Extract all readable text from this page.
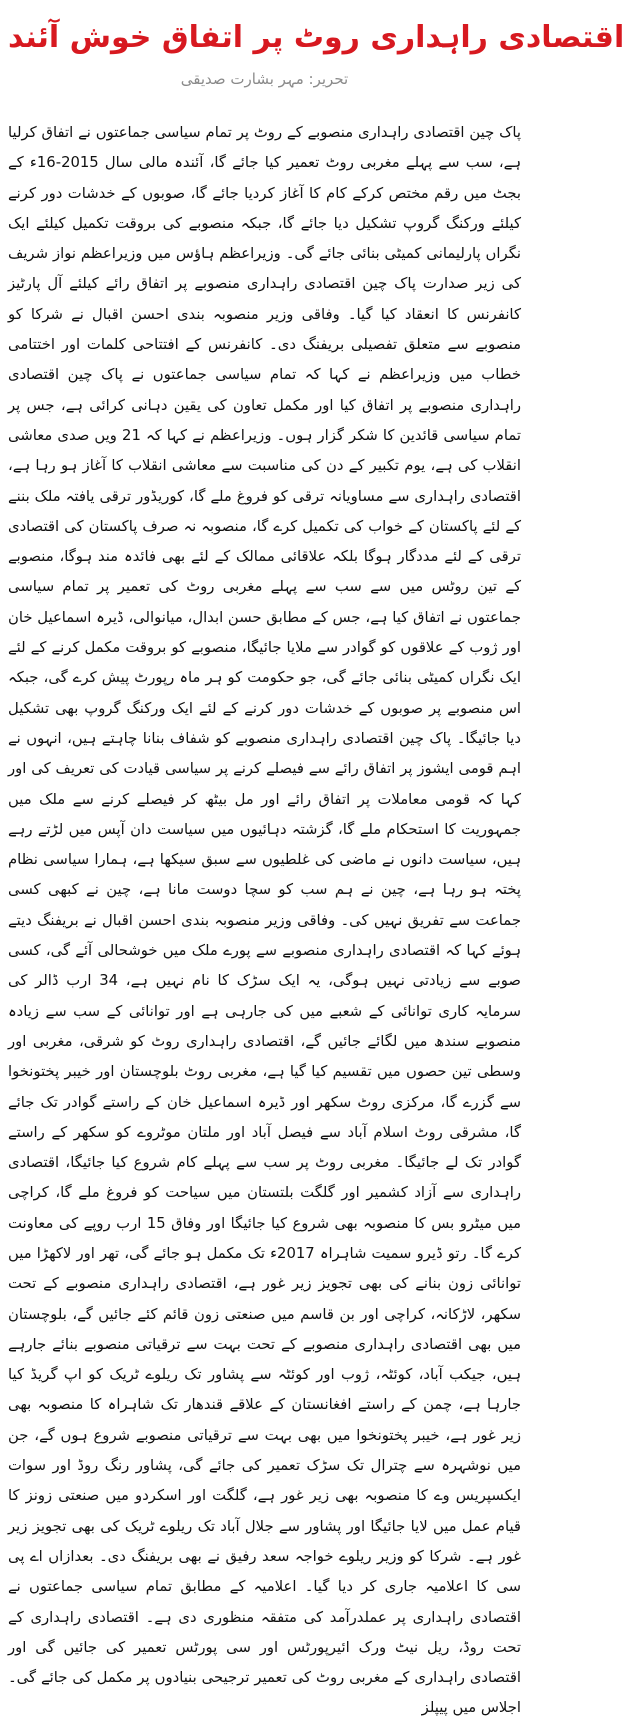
اقتصادی راہداری روٹ پر اتفاق خوش آئند
تحریر: مہر بشارت صدیقی
پاک چین اقتصادی راہداری منصوبے کے روٹ پر تمام سیاسی جماعتوں نے اتفاق کرلیا ہے، سب سے پہلے مغربی روٹ تعمیر کیا جائے گا، آئندہ مالی سال 2015-16ء کے بجٹ میں رقم مختص کرکے کام کا آغاز کردیا جائے گا، صوبوں کے خدشات دور کرنے کیلئے ورکنگ گروپ تشکیل دیا جائے گا، جبکہ منصوبے کی بروقت تکمیل کیلئے ایک نگراں پارلیمانی کمیٹی بنائی جائے گی۔ وزیراعظم ہاؤس میں وزیراعظم نواز شریف کی زیر صدارت پاک چین اقتصادی راہداری منصوبے پر اتفاق رائے کیلئے آل پارٹیز کانفرنس کا انعقاد کیا گیا۔ وفاقی وزیر منصوبہ بندی احسن اقبال نے شرکا کو منصوبے سے متعلق تفصیلی بریفنگ دی۔ کانفرنس کے افتتاحی کلمات اور اختتامی خطاب میں وزیراعظم نے کہا کہ تمام سیاسی جماعتوں نے پاک چین اقتصادی راہداری منصوبے پر اتفاق کیا اور مکمل تعاون کی یقین دہانی کرائی ہے، جس پر تمام سیاسی قائدین کا شکر گزار ہوں۔ وزیراعظم نے کہا کہ 21 ویں صدی معاشی انقلاب کی ہے، یوم تکبیر کے دن کی مناسبت سے معاشی انقلاب کا آغاز ہو رہا ہے، اقتصادی راہداری سے مساویانہ ترقی کو فروغ ملے گا، کوریڈور ترقی یافتہ ملک بننے کے لئے پاکستان کے خواب کی تکمیل کرے گا، منصوبہ نہ صرف پاکستان کی اقتصادی ترقی کے لئے مددگار ہوگا بلکہ علاقائی ممالک کے لئے بھی فائدہ مند ہوگا، منصوبے کے تین روٹس میں سے سب سے پہلے مغربی روٹ کی تعمیر پر تمام سیاسی جماعتوں نے اتفاق کیا ہے، جس کے مطابق حسن ابدال، میانوالی، ڈیرہ اسماعیل خان اور ژوب کے علاقوں کو گوادر سے ملایا جائیگا، منصوبے کو بروقت مکمل کرنے کے لئے ایک نگراں کمیٹی بنائی جائے گی، جو حکومت کو ہر ماہ رپورٹ پیش کرے گی، جبکہ اس منصوبے پر صوبوں کے خدشات دور کرنے کے لئے ایک ورکنگ گروپ بھی تشکیل دیا جائیگا۔ پاک چین اقتصادی راہداری منصوبے کو شفاف بنانا چاہتے ہیں، انہوں نے اہم قومی ایشوز پر اتفاق رائے سے فیصلے کرنے پر سیاسی قیادت کی تعریف کی اور کہا کہ قومی معاملات پر اتفاق رائے اور مل بیٹھ کر فیصلے کرنے سے ملک میں جمہوریت کا استحکام ملے گا، گزشتہ دہائیوں میں سیاست دان آپس میں لڑتے رہے ہیں، سیاست دانوں نے ماضی کی غلطیوں سے سبق سیکھا ہے، ہمارا سیاسی نظام پختہ ہو رہا ہے، چین نے ہم سب کو سچا دوست مانا ہے، چین نے کبھی کسی جماعت سے تفریق نہیں کی۔ وفاقی وزیر منصوبہ بندی احسن اقبال نے بریفنگ دیتے ہوئے کہا کہ اقتصادی راہداری منصوبے سے پورے ملک میں خوشحالی آئے گی، کسی صوبے سے زیادتی نہیں ہوگی، یہ ایک سڑک کا نام نہیں ہے، 34 ارب ڈالر کی سرمایہ کاری توانائی کے شعبے میں کی جارہی ہے اور توانائی کے سب سے زیادہ منصوبے سندھ میں لگائے جائیں گے، اقتصادی راہداری روٹ کو شرقی، مغربی اور وسطی تین حصوں میں تقسیم کیا گیا ہے، مغربی روٹ بلوچستان اور خیبر پختونخوا سے گزرے گا، مرکزی روٹ سکھر اور ڈیرہ اسماعیل خان کے راستے گوادر تک جائے گا، مشرقی روٹ اسلام آباد سے فیصل آباد اور ملتان موٹروے کو سکھر کے راستے گوادر تک لے جائیگا۔ مغربی روٹ پر سب سے پہلے کام شروع کیا جائیگا، اقتصادی راہداری سے آزاد کشمیر اور گلگت بلتستان میں سیاحت کو فروغ ملے گا، کراچی میں میٹرو بس کا منصوبہ بھی شروع کیا جائیگا اور وفاق 15 ارب روپے کی معاونت کرے گا۔ رتو ڈیرو سمیت شاہراہ 2017ء تک مکمل ہو جائے گی، تھر اور لاکھڑا میں توانائی زون بنانے کی بھی تجویز زیر غور ہے، اقتصادی راہداری منصوبے کے تحت سکھر، لاڑکانہ، کراچی اور بن قاسم میں صنعتی زون قائم کئے جائیں گے، بلوچستان میں بھی اقتصادی راہداری منصوبے کے تحت بہت سے ترقیاتی منصوبے بنائے جارہے ہیں، جیکب آباد، کوئٹہ، ژوب اور کوئٹہ سے پشاور تک ریلوے ٹریک کو اپ گریڈ کیا جارہا ہے، چمن کے راستے افغانستان کے علاقے قندھار تک شاہراہ کا منصوبہ بھی زیر غور ہے، خیبر پختونخوا میں بھی بہت سے ترقیاتی منصوبے شروع ہوں گے، جن میں نوشہرہ سے چترال تک سڑک تعمیر کی جائے گی، پشاور رنگ روڈ اور سوات ایکسپریس وے کا منصوبہ بھی زیر غور ہے، گلگت اور اسکردو میں صنعتی زونز کا قیام عمل میں لایا جائیگا اور پشاور سے جلال آباد تک ریلوے ٹریک کی بھی تجویز زیر غور ہے۔ شرکا کو وزیر ریلوے خواجہ سعد رفیق نے بھی بریفنگ دی۔ بعدازاں اے پی سی کا اعلامیہ جاری کر دیا گیا۔ اعلامیہ کے مطابق تمام سیاسی جماعتوں نے اقتصادی راہداری پر عملدرآمد کی متفقہ منظوری دی ہے۔ اقتصادی راہداری کے تحت روڈ، ریل نیٹ ورک ائیرپورٹس اور سی پورٹس تعمیر کی جائیں گی اور اقتصادی راہداری کے مغربی روٹ کی تعمیر ترجیحی بنیادوں پر مکمل کی جائے گی۔ اجلاس میں پیپلز
